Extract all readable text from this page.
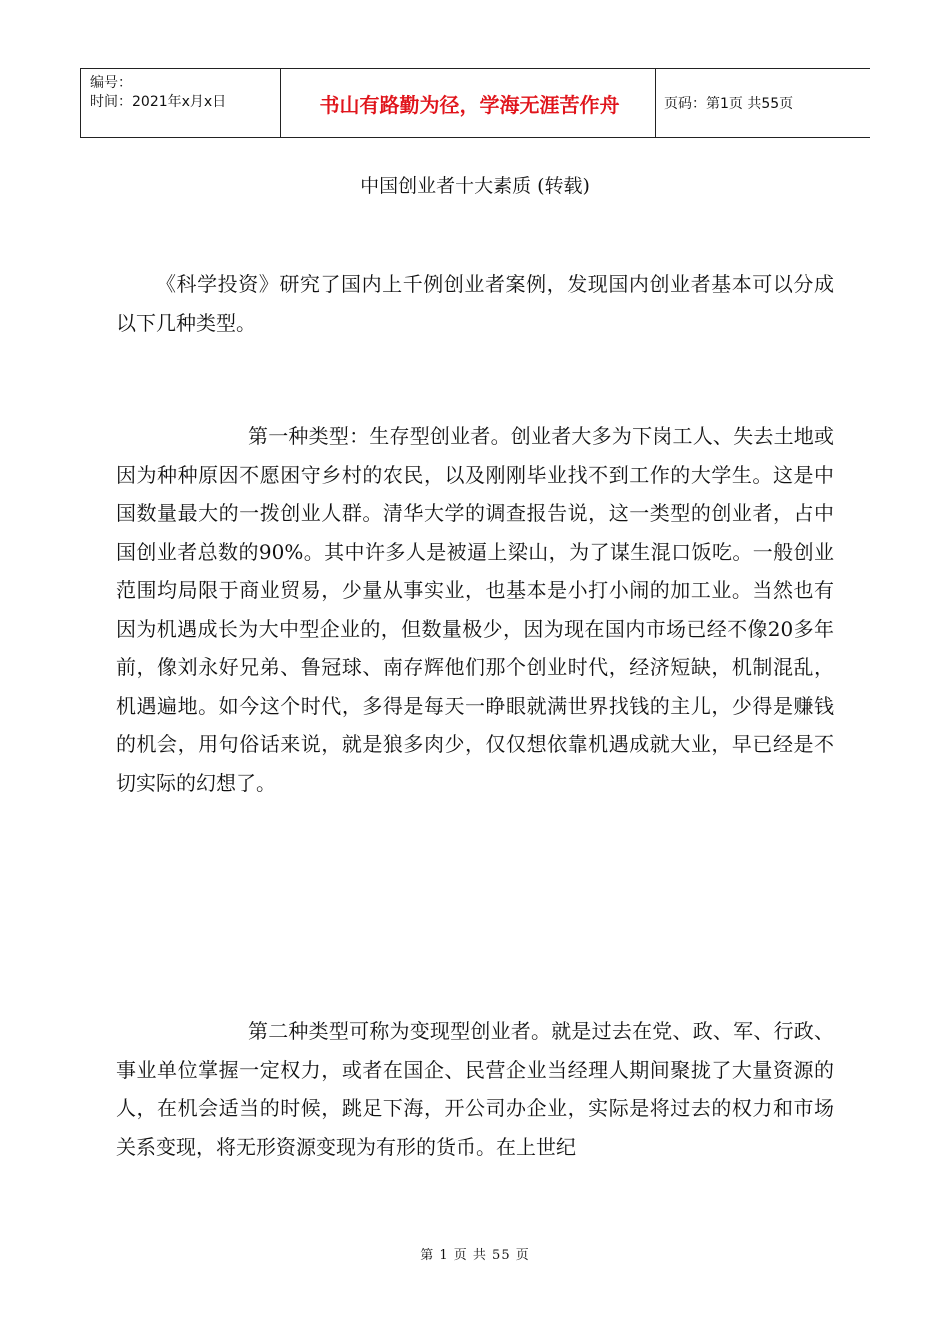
编号：
时间：2021年x月x日	书山有路勤为径，学海无涯苦作舟	页码：第1页 共55页
中国创业者十大素质 (转载)
《科学投资》研究了国内上千例创业者案例，发现国内创业者基本可以分成以下几种类型。
第一种类型：生存型创业者。创业者大多为下岗工人、失去土地或因为种种原因不愿困守乡村的农民，以及刚刚毕业找不到工作的大学生。这是中国数量最大的一拨创业人群。清华大学的调查报告说，这一类型的创业者，占中国创业者总数的90%。其中许多人是被逼上梁山，为了谋生混口饭吃。一般创业范围均局限于商业贸易，少量从事实业，也基本是小打小闹的加工业。当然也有因为机遇成长为大中型企业的，但数量极少，因为现在国内市场已经不像20多年前，像刘永好兄弟、鲁冠球、南存辉他们那个创业时代，经济短缺，机制混乱，机遇遍地。如今这个时代，多得是每天一睁眼就满世界找钱的主儿，少得是赚钱的机会，用句俗话来说，就是狼多肉少，仅仅想依靠机遇成就大业，早已经是不切实际的幻想了。
第二种类型可称为变现型创业者。就是过去在党、政、军、行政、事业单位掌握一定权力，或者在国企、民营企业当经理人期间聚拢了大量资源的人，在机会适当的时候，跳足下海，开公司办企业，实际是将过去的权力和市场关系变现，将无形资源变现为有形的货币。在上世纪
第 1 页 共 55 页
